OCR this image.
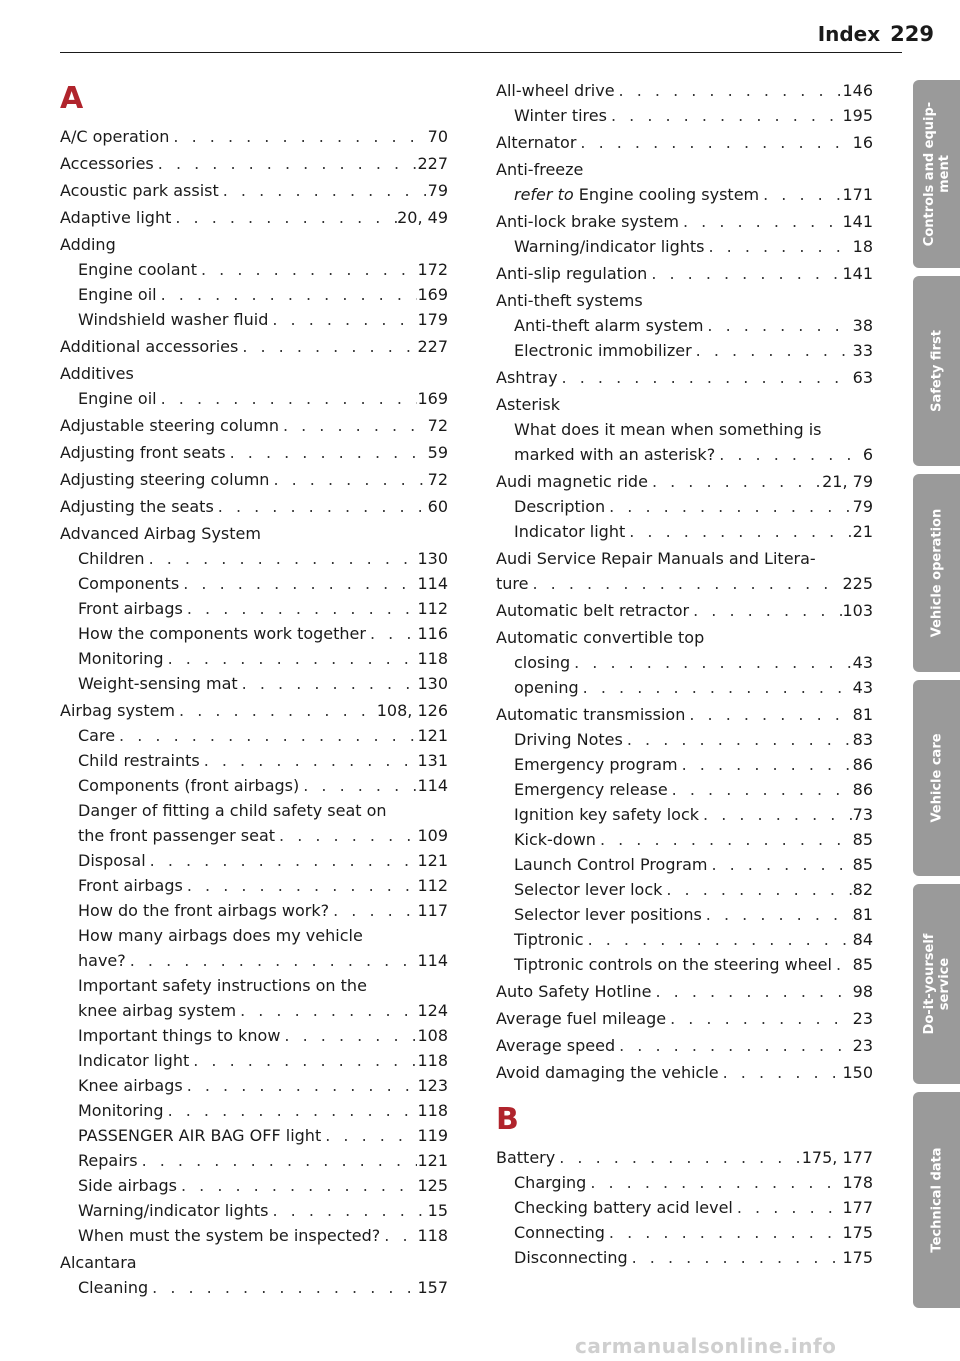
Index 229
A
A/C operation . . .	70
Accessories . . .	227
Acoustic park assist . . .	79
Adaptive light . . .	20, 49
Adding
Engine coolant . . .	172
Engine oil . . .	169
Windshield washer fluid . . .	179
Additional accessories . . .	227
Additives
Engine oil . . .	169
Adjustable steering column . . .	72
Adjusting front seats . . .	59
Adjusting steering column . . .	72
Adjusting the seats . . .	60
Advanced Airbag System
Children . . .	130
Components . . .	114
Front airbags . . .	112
How the components work together . . .	116
Monitoring . . .	118
Weight-sensing mat . . .	130
Airbag system . . .	108, 126
Care . . .	121
Child restraints . . .	131
Components (front airbags) . . .	114
Danger of fitting a child safety seat on
the front passenger seat . . .	109
Disposal . . .	121
Front airbags . . .	112
How do the front airbags work? . . .	117
How many airbags does my vehicle
have? . . .	114
Important safety instructions on the
knee airbag system . . .	124
Important things to know . . .	108
Indicator light . . .	118
Knee airbags . . .	123
Monitoring . . .	118
PASSENGER AIR BAG OFF light . . .	119
Repairs . . .	121
Side airbags . . .	125
Warning/indicator lights . . .	15
When must the system be inspected? . . . 118
Alcantara
Cleaning . . .	157
All-wheel drive . . .	146
Winter tires . . .	195
Alternator . . .	16
Anti-freeze
refer to Engine cooling system . . .	171
Anti-lock brake system . . .	141
Warning/indicator lights . . .	18
Anti-slip regulation . . .	141
Anti-theft systems
Anti-theft alarm system . . .	38
Electronic immobilizer . . .	33
Ashtray . . .	63
Asterisk
What does it mean when something is
marked with an asterisk? . . .	6
Audi magnetic ride . . .	21, 79
Description . . .	79
Indicator light . . .	21
Audi Service Repair Manuals and Litera-
ture . . .	225
Automatic belt retractor . . .	103
Automatic convertible top
closing . . .	43
opening . . .	43
Automatic transmission . . .	81
Driving Notes . . .	83
Emergency program . . .	86
Emergency release . . .	86
Ignition key safety lock . . .	73
Kick-down . . .	85
Launch Control Program . . .	85
Selector lever lock . . .	82
Selector lever positions . . .	81
Tiptronic . . .	84
Tiptronic controls on the steering wheel . . . 85
Auto Safety Hotline . . .	98
Average fuel mileage . . .	23
Average speed . . .	23
Avoid damaging the vehicle . . .	150
B
Battery . . .	175, 177
Charging . . .	178
Checking battery acid level . . .	177
Connecting . . .	175
Disconnecting . . .	175
Controls and equip- ment
Safety first
Vehicle operation
Vehicle care
Do-it-yourself service
Technical data
carmanualsonline.info
